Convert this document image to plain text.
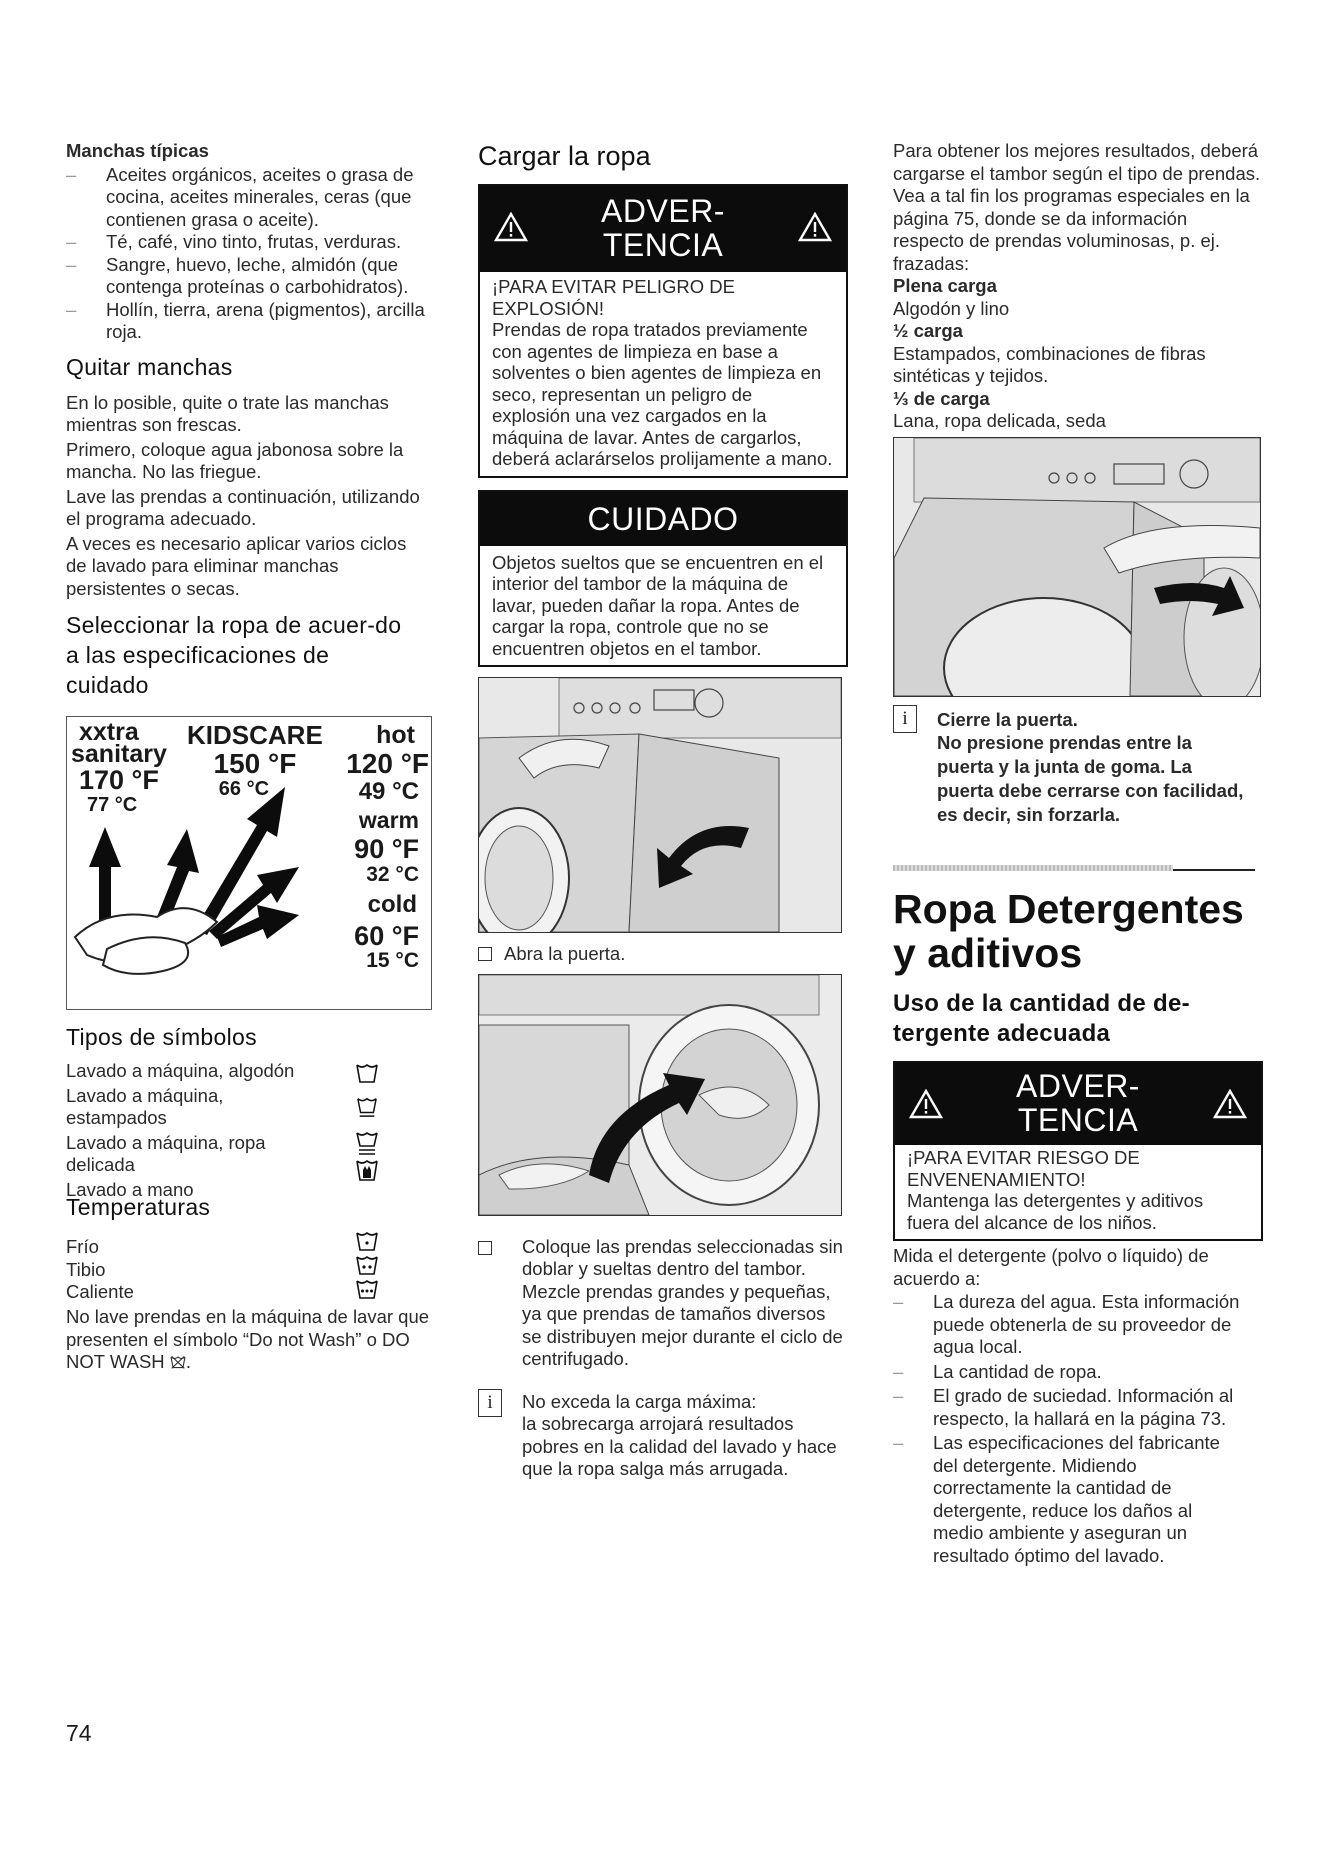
Manchas típicas
– Aceites orgánicos, aceites o grasa de cocina, aceites minerales, ceras (que contienen grasa o aceite).
– Té, café, vino tinto, frutas, verduras.
– Sangre, huevo, leche, almidón (que contenga proteínas o carbohidratos).
– Hollín, tierra, arena (pigmentos), arcilla roja.
Quitar manchas
En lo posible, quite o trate las manchas mientras son frescas.
Primero, coloque agua jabonosa sobre la mancha. No las friegue.
Lave las prendas a continuación, utilizando el programa adecuado.
A veces es necesario aplicar varios ciclos de lavado para eliminar manchas persistentes o secas.
Seleccionar la ropa de acuer-do a las especificaciones de cuidado
xxtra
sanitary
170 °F
77 °C
KIDSCARE
150 °F
66 °C
hot
120 °F
49 °C
warm
90 °F
32 °C
cold
60 °F
15 °C
Tipos de símbolos
Lavado a máquina, algodón
Lavado a máquina, estampados
Lavado a máquina, ropa delicada
Lavado a mano
Temperaturas
Frío
Tibio
Caliente
No lave prendas en la máquina de lavar que presenten el símbolo “Do not Wash” o DO NOT WASH .
Cargar la ropa
ADVER-
TENCIA
¡PARA EVITAR PELIGRO DE EXPLOSIÓN!
Prendas de ropa tratados previamente con agentes de limpieza en base a solventes o bien agentes de limpieza en seco, representan un peligro de explosión una vez cargados en la máquina de lavar. Antes de cargarlos, deberá aclarárselos prolijamente a mano.
CUIDADO
Objetos sueltos que se encuentren en el interior del tambor de la máquina de lavar, pueden dañar la ropa. Antes de cargar la ropa, controle que no se encuentren objetos en el tambor.
Abra la puerta.
Coloque las prendas seleccionadas sin doblar y sueltas dentro del tambor. Mezcle prendas grandes y pequeñas, ya que prendas de tamaños diversos se distribuyen mejor durante el ciclo de centrifugado.
i	No exceda la carga máxima:
la sobrecarga arrojará resultados pobres en la calidad del lavado y hace que la ropa salga más arrugada.
Para obtener los mejores resultados, deberá cargarse el tambor según el tipo de prendas. Vea a tal fin los programas especiales en la página 75, donde se da información respecto de prendas voluminosas, p. ej. frazadas:
Plena carga
Algodón y lino
½ carga
Estampados, combinaciones de fibras sintéticas y tejidos.
⅓ de carga
Lana, ropa delicada, seda
i	Cierre la puerta.
No presione prendas entre la puerta y la junta de goma. La puerta debe cerrarse con facilidad, es decir, sin forzarla.
Ropa Detergentes y aditivos
Uso de la cantidad de de-tergente adecuada
ADVER-
TENCIA
¡PARA EVITAR RIESGO DE ENVENENAMIENTO!
Mantenga las detergentes y aditivos fuera del alcance de los niños.
Mida el detergente (polvo o líquido) de acuerdo a:
– La dureza del agua. Esta información puede obtenerla de su proveedor de agua local.
– La cantidad de ropa.
– El grado de suciedad. Información al respecto, la hallará en la página 73.
– Las especificaciones del fabricante del detergente. Midiendo correctamente la cantidad de detergente, reduce los daños al medio ambiente y aseguran un resultado óptimo del lavado.
74
